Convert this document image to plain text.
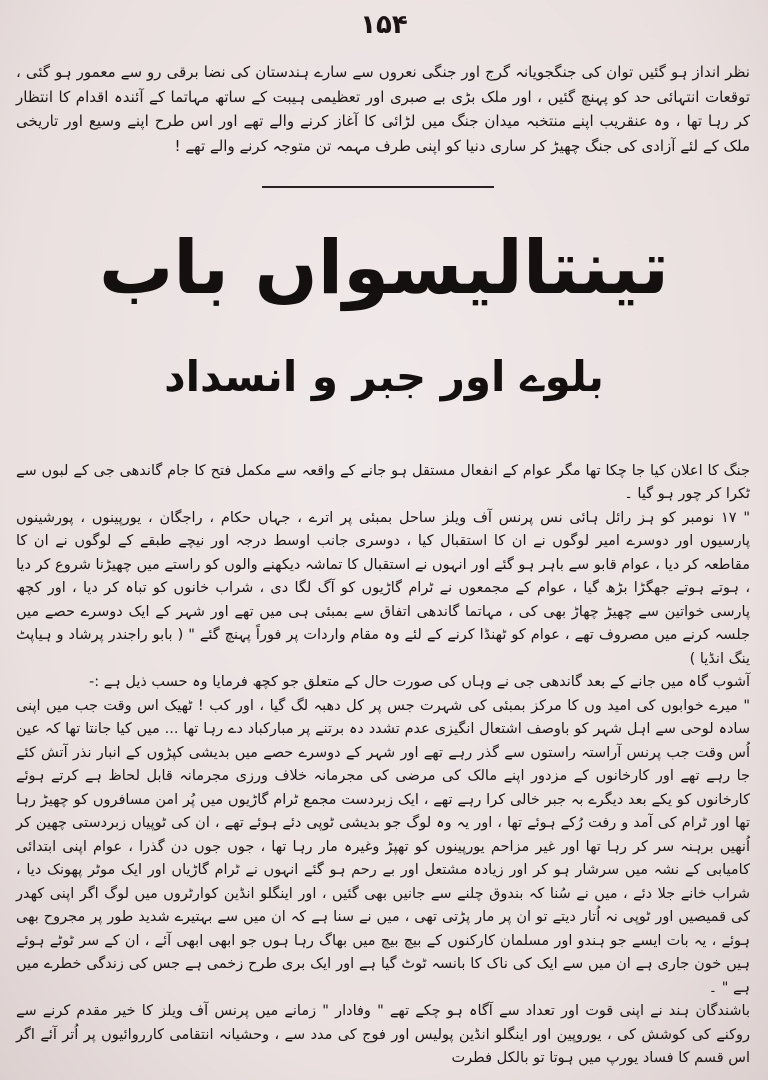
۱۵۴

نظر انداز ہو گئیں توان کی جنگجویانہ گرج اور جنگی نعروں سے سارے ہندستان کی نضا برقی رو سے معمور ہو گئی ، توقعات انتہائی حد کو پہنچ گئیں ، اور ملک بڑی بے صبری اور تعظیمی ہیبت کے ساتھ مہاتما کے آئندہ اقدام کا انتظار کر رہا تھا ، وہ عنقریب اپنے منتخبہ میدان جنگ میں لڑائی کا آغاز کرنے والے تھے اور اس طرح اپنے وسیع اور تاریخی ملک کے لئے آزادی کی جنگ چھیڑ کر ساری دنیا کو اپنی طرف مہمہ تن متوجہ کرنے والے تھے !

تینتالیسواں باب
بلوے اور جبر و انسداد

جنگ کا اعلان کیا جا چکا تھا مگر عوام کے انفعال مستقل ہو جانے کے واقعہ سے مکمل فتح کا جام گاندھی جی کے لبوں سے ٹکرا کر چور ہو گیا ۔

" ۱۷ نومبر کو ہز رائل ہائی نس پرنس آف ویلز ساحل بمبئی پر اترے ، جہاں حکام ، راجگان ، یورپینوں ، پورشینوں پارسیوں اور دوسرے امیر لوگوں نے ان کا استقبال کیا ، دوسری جانب اوسط درجہ اور نیچے طبقے کے لوگوں نے ان کا مقاطعہ کر دیا ، عوام قابو سے باہر ہو گئے اور انہوں نے استقبال کا تماشہ دیکھنے والوں کو راستے میں چھیڑنا شروع کر دیا ، ہوتے ہوتے جھگڑا بڑھ گیا ، عوام کے مجمعوں نے ٹرام گاڑیوں کو آگ لگا دی ، شراب خانوں کو تباہ کر دیا ، اور کچھ پارسی خواتین سے چھیڑ چھاڑ بھی کی ، مہاتما گاندھی اتفاق سے بمبئی ہی میں تھے اور شہر کے ایک دوسرے حصے میں جلسہ کرنے میں مصروف تھے ، عوام کو ٹھنڈا کرنے کے لئے وہ مقام واردات پر فوراً پہنچ گئے " ( بابو راجندر پرشاد و ہیاپٹ ینگ انڈیا )

آشوب گاہ میں جانے کے بعد گاندھی جی نے وہاں کی صورت حال کے متعلق جو کچھ فرمایا وہ حسب ذیل ہے :-

" میرے خوابوں کی امید وں کا مرکز بمبئی کی شہرت جس پر کل دھبہ لگ گیا ، اور کب ! ٹھیک اس وقت جب میں اپنی سادہ لوحی سے اہل شہر کو باوصف اشتعال انگیزی عدم تشدد دہ برتنے پر مبارکباد دے رہا تھا ... میں کیا جانتا تھا کہ عین اُس وقت جب پرنس آراستہ راستوں سے گذر رہے تھے اور شہر کے دوسرے حصے میں بدیشی کپڑوں کے انبار نذر آتش کئے جا رہے تھے اور کارخانوں کے مزدور اپنے مالک کی مرضی کی مجرمانہ خلاف ورزی مجرمانہ قابل لحاظ ہے کرتے ہوئے کارخانوں کو یکے بعد دیگرے بہ جبر خالی کرا رہے تھے ، ایک زبردست مجمع ٹرام گاڑیوں میں پُر امن مسافروں کو چھیڑ رہا تھا اور ٹرام کی آمد و رفت رُکے ہوئے تھا ، اور یہ وہ لوگ جو بدیشی ٹوپی دئے ہوئے تھے ، ان کی ٹوپیاں زبردستی چھین کر اُنھیں برہنہ سر کر رہا تھا اور غیر مزاحم یورپینوں کو تھپڑ وغیرہ مار رہا تھا ، جوں جوں دن گذرا ، عوام اپنی ابتدائی کامیابی کے نشہ میں سرشار ہو کر اور زیادہ مشتعل اور بے رحم ہو گئے انہوں نے ٹرام گاڑیاں اور ایک موٹر پھونک دیا ، شراب خانے جلا دئے ، میں نے سُنا کہ بندوق چلنے سے جانیں بھی گئیں ، اور اینگلو انڈین کوارٹروں میں لوگ اگر اپنی کھدر کی قمیصیں اور ٹوپی نہ اُتار دیتے تو ان پر مار پڑتی تھی ، میں نے سنا ہے کہ ان میں سے بہتیرے شدید طور پر مجروح بھی ہوئے ، یہ بات ایسے جو ہندو اور مسلمان کارکنوں کے بیچ بیچ میں بھاگ رہا ہوں جو ابھی ابھی آئے ، ان کے سر ٹوٹے ہوئے ہیں خون جاری ہے ان میں سے ایک کی ناک کا بانسہ ٹوٹ گیا ہے اور ایک بری طرح زخمی ہے جس کی زندگی خطرے میں ہے " ۔

باشندگان ہند نے اپنی قوت اور تعداد سے آگاہ ہو چکے تھے " وفادار " زمانے میں پرنس آف ویلز کا خیر مقدم کرنے سے روکنے کی کوشش کی ، یوروپین اور اینگلو انڈین پولیس اور فوج کی مدد سے ، وحشیانہ انتقامی کارروائیوں پر اُتر آئے اگر اس قسم کا فساد یورپ میں ہوتا تو بالکل فطرت
